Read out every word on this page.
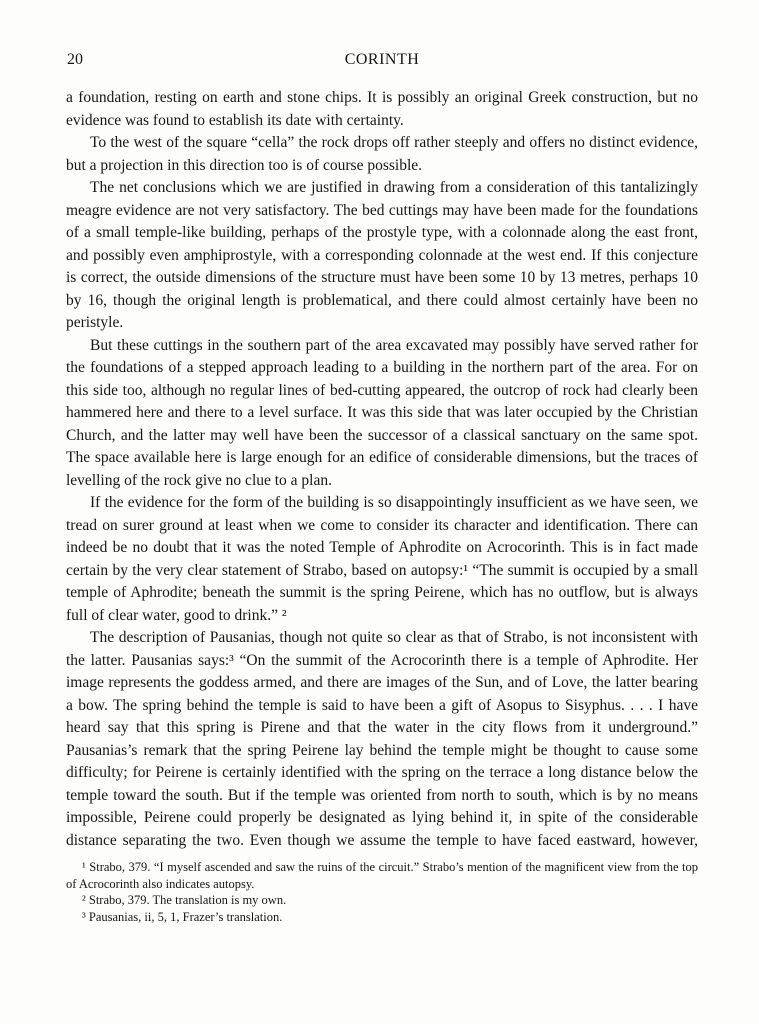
20	CORINTH

a foundation, resting on earth and stone chips. It is possibly an original Greek construction, but no evidence was found to establish its date with certainty.

To the west of the square “cella” the rock drops off rather steeply and offers no distinct evidence, but a projection in this direction too is of course possible.

The net conclusions which we are justified in drawing from a consideration of this tantalizingly meagre evidence are not very satisfactory. The bed cuttings may have been made for the foundations of a small temple-like building, perhaps of the prostyle type, with a colonnade along the east front, and possibly even amphiprostyle, with a corresponding colonnade at the west end. If this conjecture is correct, the outside dimensions of the structure must have been some 10 by 13 metres, perhaps 10 by 16, though the original length is problematical, and there could almost certainly have been no peristyle.

But these cuttings in the southern part of the area excavated may possibly have served rather for the foundations of a stepped approach leading to a building in the northern part of the area. For on this side too, although no regular lines of bed-cutting appeared, the outcrop of rock had clearly been hammered here and there to a level surface. It was this side that was later occupied by the Christian Church, and the latter may well have been the successor of a classical sanctuary on the same spot. The space available here is large enough for an edifice of considerable dimensions, but the traces of levelling of the rock give no clue to a plan.

If the evidence for the form of the building is so disappointingly insufficient as we have seen, we tread on surer ground at least when we come to consider its character and identification. There can indeed be no doubt that it was the noted Temple of Aphrodite on Acrocorinth. This is in fact made certain by the very clear statement of Strabo, based on autopsy:¹ “The summit is occupied by a small temple of Aphrodite; beneath the summit is the spring Peirene, which has no outflow, but is always full of clear water, good to drink.” ²

The description of Pausanias, though not quite so clear as that of Strabo, is not inconsistent with the latter. Pausanias says:³ “On the summit of the Acrocorinth there is a temple of Aphrodite. Her image represents the goddess armed, and there are images of the Sun, and of Love, the latter bearing a bow. The spring behind the temple is said to have been a gift of Asopus to Sisyphus. . . . I have heard say that this spring is Pirene and that the water in the city flows from it underground.” Pausanias’s remark that the spring Peirene lay behind the temple might be thought to cause some difficulty; for Peirene is certainly identified with the spring on the terrace a long distance below the temple toward the south. But if the temple was oriented from north to south, which is by no means impossible, Peirene could properly be designated as lying behind it, in spite of the considerable distance separating the two. Even though we assume the temple to have faced eastward, however,

¹ Strabo, 379. “I myself ascended and saw the ruins of the circuit.” Strabo’s mention of the magnificent view from the top of Acrocorinth also indicates autopsy.

² Strabo, 379. The translation is my own.

³ Pausanias, ii, 5, 1, Frazer’s translation.
